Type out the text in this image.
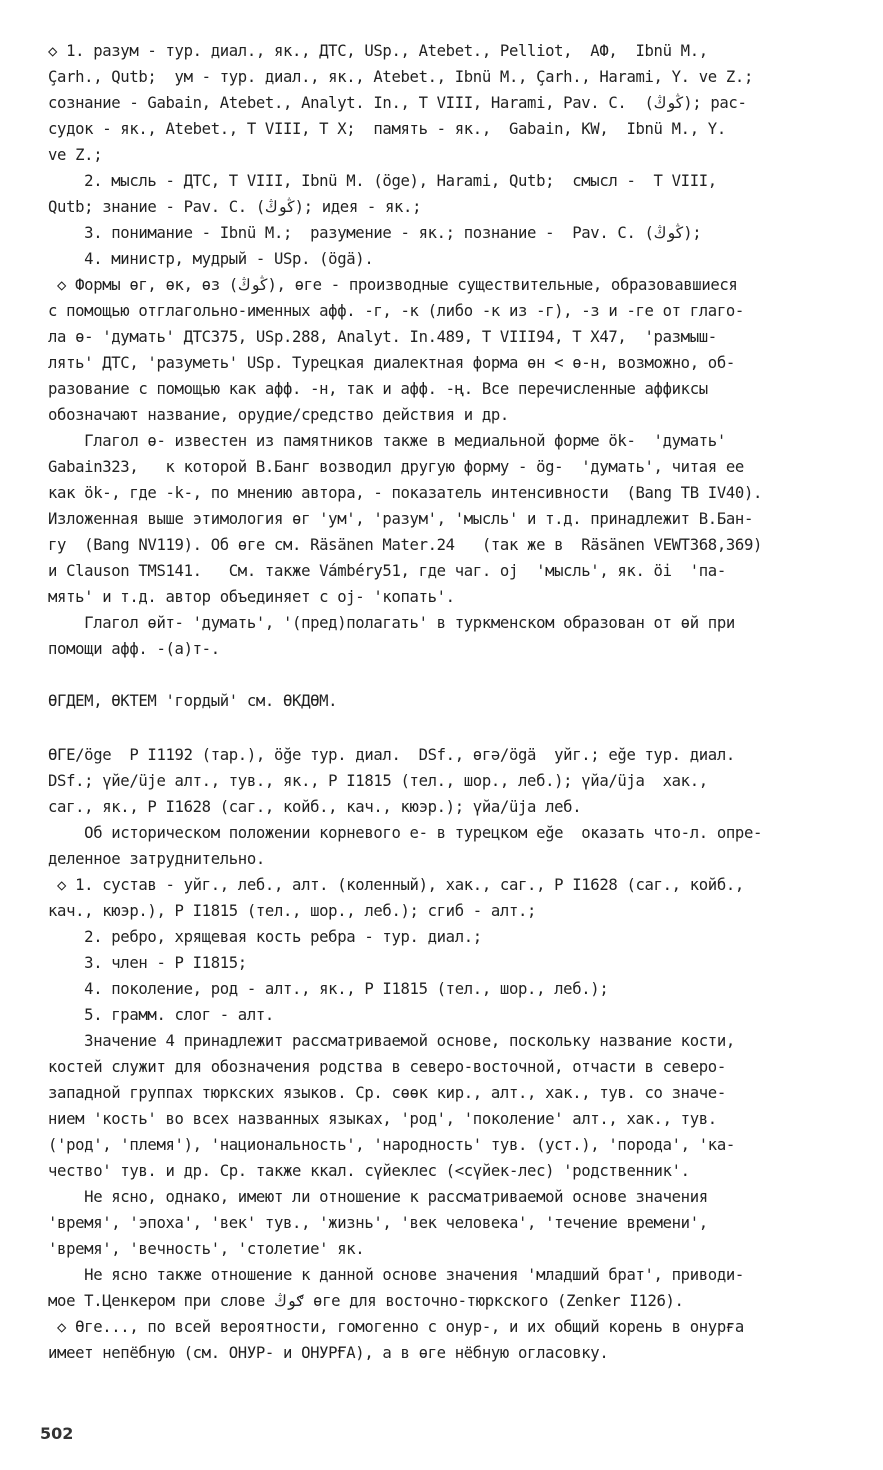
◇ 1. разум - тур. диал., як., ДТС, USp., Atebet., Pelliot,  АФ,  Ibnü M.,
Çarh., Qutb;  ум - тур. диал., як., Atebet., Ibnü M., Çarh., Harami, Y. ve Z.;
сознание - Gabain, Atebet., Analyt. In., T VIII, Harami, Pav. C.  (ڭوڭ); рас-
судок - як., Atebet., T VIII, T X;  память - як.,  Gabain, KW,  Ibnü M., Y.
ve Z.;
2. мысль - ДТС, T VIII, Ibnü M. (öge), Harami, Qutb;  смысл -  T VIII,
Qutb; знание - Pav. C. (ڭوڭ); идея - як.;
3. понимание - Ibnü M.;  разумение - як.; познание -  Pav. C. (ڭوڭ);
4. министр, мудрый - USp. (ögä).
◇ Формы өг, өк, өз (ڭوڭ), өге - производные существительные, образовавшиеся
с помощью отглагольно-именных афф. -г, -к (либо -к из -г), -з и -ге от глаго-
ла ө- 'думать' ДТС375, USp.288, Analyt. In.489, T VIII94, T X47,  'размыш-
лять' ДТС, 'разуметь' USp. Турецкая диалектная форма өн < ө-н, возможно, об-
разование с помощью как афф. -н, так и афф. -ң. Все перечисленные аффиксы
обозначают название, орудие/средство действия и др.
Глагол ө- известен из памятников также в медиальной форме ök-  'думать'
Gabain323,   к которой В.Банг возводил другую форму - ög-  'думать', читая ее
как ök-, где -k-, по мнению автора, - показатель интенсивности  (Bang TB IV40).
Изложенная выше этимология өг 'ум', 'разум', 'мысль' и т.д. принадлежит В.Бан-
гу  (Bang NV119). Об өге см. Räsänen Mater.24   (так же в  Räsänen VEWT368,369)
и Clauson TMS141.   См. также Vámbéry51, где чаг. oj  'мысль', як. öі  'па-
мять' и т.д. автор объединяет с oj- 'копать'.
Глагол өйт- 'думать', '(пред)полагать' в туркменском образован от өй при
помощи афф. -(а)т-.
ӨГДЕМ, ӨКТЕМ 'гордый' см. ӨКДӨМ.
ӨГЕ/öge  Р I1192 (тар.), öğe тур. диал.  DSf., өгә/ögä  уйг.; eğe тур. диал.
DSf.; үйе/üje алт., тув., як., Р I1815 (тел., шор., леб.); үйа/üja  хак.,
саг., як., Р I1628 (саг., койб., кач., кюэр.); үйа/üja леб.
Об историческом положении корневого е- в турецком eğe  оказать что-л. опре-
деленное затруднительно.
◇ 1. сустав - уйг., леб., алт. (коленный), хак., саг., Р I1628 (саг., койб.,
кач., кюэр.), Р I1815 (тел., шор., леб.); сгиб - алт.;
2. ребро, хрящевая кость ребра - тур. диал.;
3. член - Р I1815;
4. поколение, род - алт., як., Р I1815 (тел., шор., леб.);
5. грамм. слог - алт.
Значение 4 принадлежит рассматриваемой основе, поскольку название кости,
костей служит для обозначения родства в северо-восточной, отчасти в северо-
западной группах тюркских языков. Ср. сөөк кир., алт., хак., тув. со значе-
нием 'кость' во всех названных языках, 'род', 'поколение' алт., хак., тув.
('род', 'племя'), 'национальность', 'народность' тув. (уст.), 'порода', 'ка-
чество' тув. и др. Ср. также ккал. сүйеклес (<сүйек-лес) 'родственник'.
Не ясно, однако, имеют ли отношение к рассматриваемой основе значения
'время', 'эпоха', 'век' тув., 'жизнь', 'век человека', 'течение времени',
'время', 'вечность', 'столетие' як.
Не ясно также отношение к данной основе значения 'младший брат', приводи-
мое Т.Ценкером при слове ګوڭ өге для восточно-тюркского (Zenker I126).
◇ Өге..., по всей вероятности, гомогенно с онур-, и их общий корень в онурға
имеет непёбную (см. ОНУР- и ОНУРҒА), а в өге нёбную огласовку.
502
